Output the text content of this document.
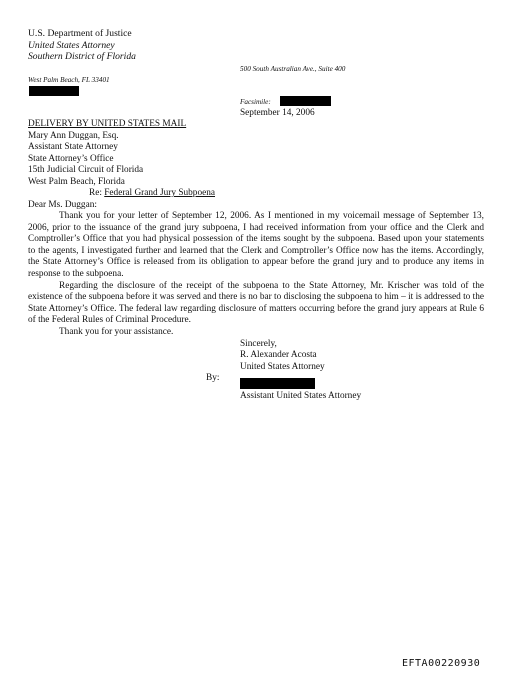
U.S. Department of Justice
United States Attorney
Southern District of Florida
500 South Australian Ave., Suite 400
West Palm Beach, FL 33401
Facsimile:
September 14, 2006
DELIVERY BY UNITED STATES MAIL
Mary Ann Duggan, Esq.
Assistant State Attorney
State Attorney’s Office
15th Judicial Circuit of Florida
West Palm Beach, Florida
Re: Federal Grand Jury Subpoena
Dear Ms. Duggan:
Thank you for your letter of September 12, 2006. As I mentioned in my voicemail message of September 13, 2006, prior to the issuance of the grand jury subpoena, I had received information from your office and the Clerk and Comptroller’s Office that you had physical possession of the items sought by the subpoena. Based upon your statements to the agents, I investigated further and learned that the Clerk and Comptroller’s Office now has the items. Accordingly, the State Attorney’s Office is released from its obligation to appear before the grand jury and to produce any items in response to the subpoena.
Regarding the disclosure of the receipt of the subpoena to the State Attorney, Mr. Krischer was told of the existence of the subpoena before it was served and there is no bar to disclosing the subpoena to him – it is addressed to the State Attorney’s Office. The federal law regarding disclosure of matters occurring before the grand jury appears at Rule 6 of the Federal Rules of Criminal Procedure.
Thank you for your assistance.
Sincerely,
R. Alexander Acosta
United States Attorney
By:
Assistant United States Attorney
EFTA00220930
